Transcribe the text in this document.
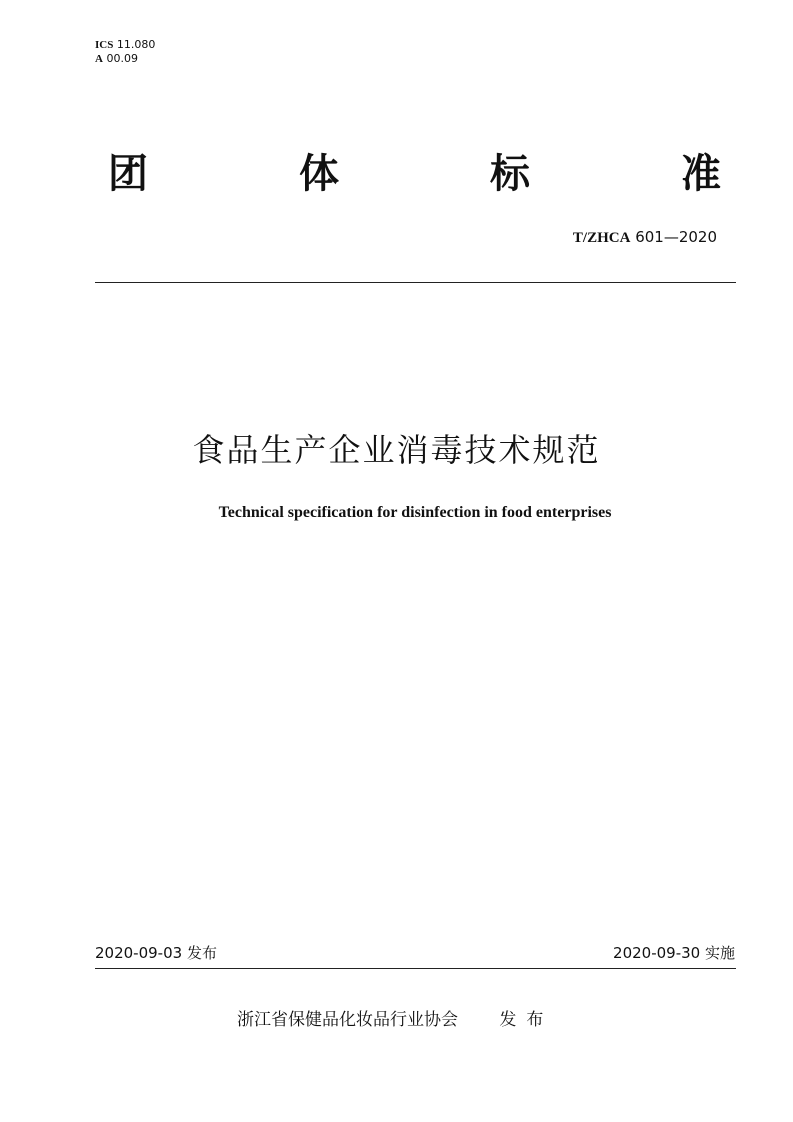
ICS 11.080
A 00.09
团	体	标	准
T/ZHCA 601—2020
食品生产企业消毒技术规范
Technical specification for disinfection in food enterprises
2020-09-03 发布	2020-09-30 实施
浙江省保健品化妆品行业协会 发布
